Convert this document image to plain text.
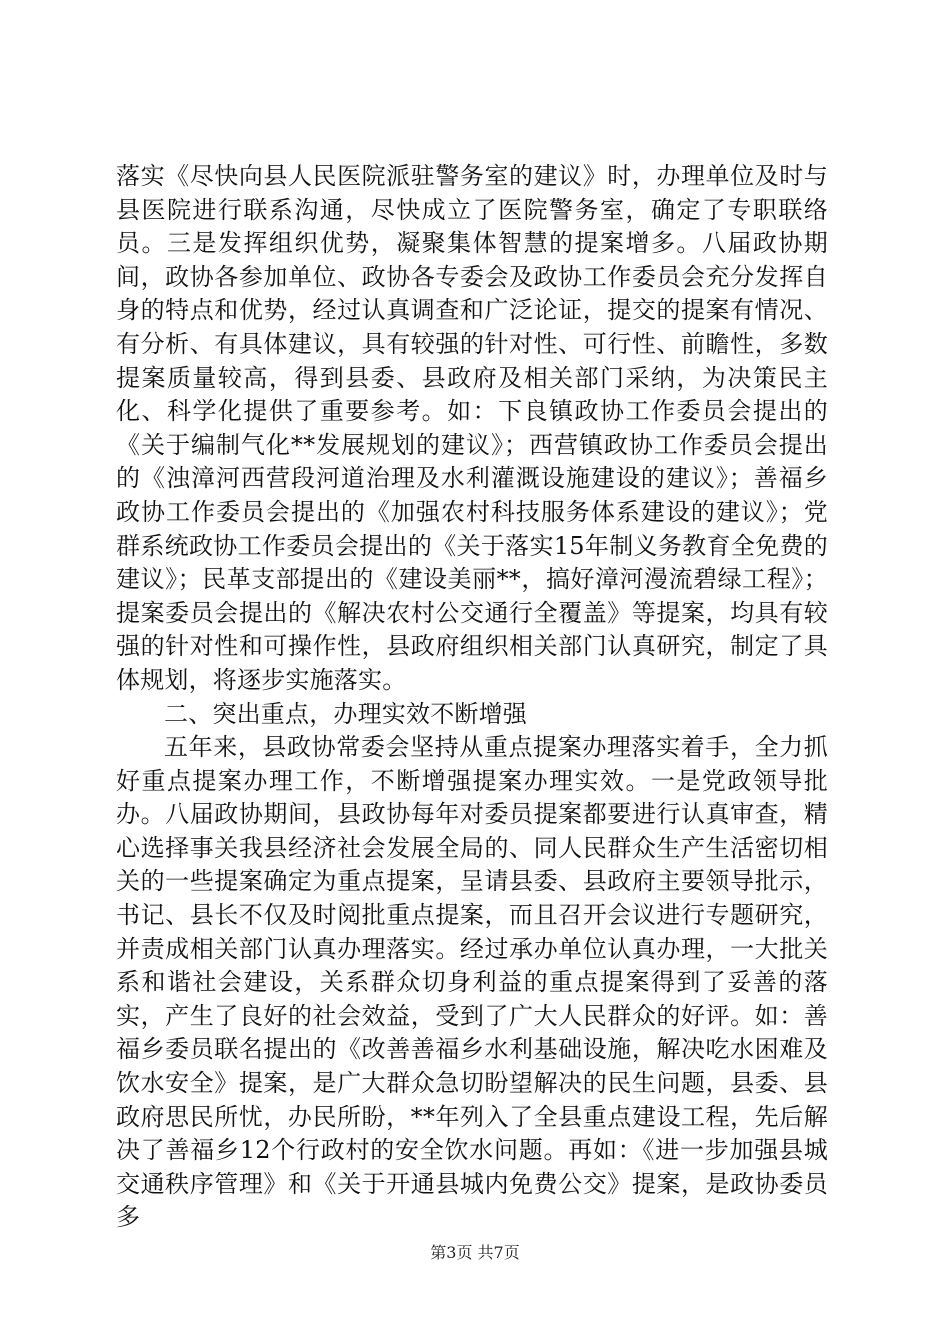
落实《尽快向县人民医院派驻警务室的建议》时，办理单位及时与县医院进行联系沟通，尽快成立了医院警务室，确定了专职联络员。三是发挥组织优势，凝聚集体智慧的提案增多。八届政协期间，政协各参加单位、政协各专委会及政协工作委员会充分发挥自身的特点和优势，经过认真调查和广泛论证，提交的提案有情况、有分析、有具体建议，具有较强的针对性、可行性、前瞻性，多数提案质量较高，得到县委、县政府及相关部门采纳，为决策民主化、科学化提供了重要参考。如：下良镇政协工作委员会提出的《关于编制气化**发展规划的建议》；西营镇政协工作委员会提出的《浊漳河西营段河道治理及水利灌溉设施建设的建议》；善福乡政协工作委员会提出的《加强农村科技服务体系建设的建议》；党群系统政协工作委员会提出的《关于落实15年制义务教育全免费的建议》；民革支部提出的《建设美丽**，搞好漳河漫流碧绿工程》；提案委员会提出的《解决农村公交通行全覆盖》等提案，均具有较强的针对性和可操作性，县政府组织相关部门认真研究，制定了具体规划，将逐步实施落实。

二、突出重点，办理实效不断增强

五年来，县政协常委会坚持从重点提案办理落实着手，全力抓好重点提案办理工作，不断增强提案办理实效。一是党政领导批办。八届政协期间，县政协每年对委员提案都要进行认真审查，精心选择事关我县经济社会发展全局的、同人民群众生产生活密切相关的一些提案确定为重点提案，呈请县委、县政府主要领导批示，书记、县长不仅及时阅批重点提案，而且召开会议进行专题研究，并责成相关部门认真办理落实。经过承办单位认真办理，一大批关系和谐社会建设，关系群众切身利益的重点提案得到了妥善的落实，产生了良好的社会效益，受到了广大人民群众的好评。如：善福乡委员联名提出的《改善善福乡水利基础设施，解决吃水困难及饮水安全》提案，是广大群众急切盼望解决的民生问题，县委、县政府思民所忧，办民所盼，**年列入了全县重点建设工程，先后解决了善福乡12个行政村的安全饮水问题。再如：《进一步加强县城交通秩序管理》和《关于开通县城内免费公交》提案，是政协委员多

第3页 共7页
